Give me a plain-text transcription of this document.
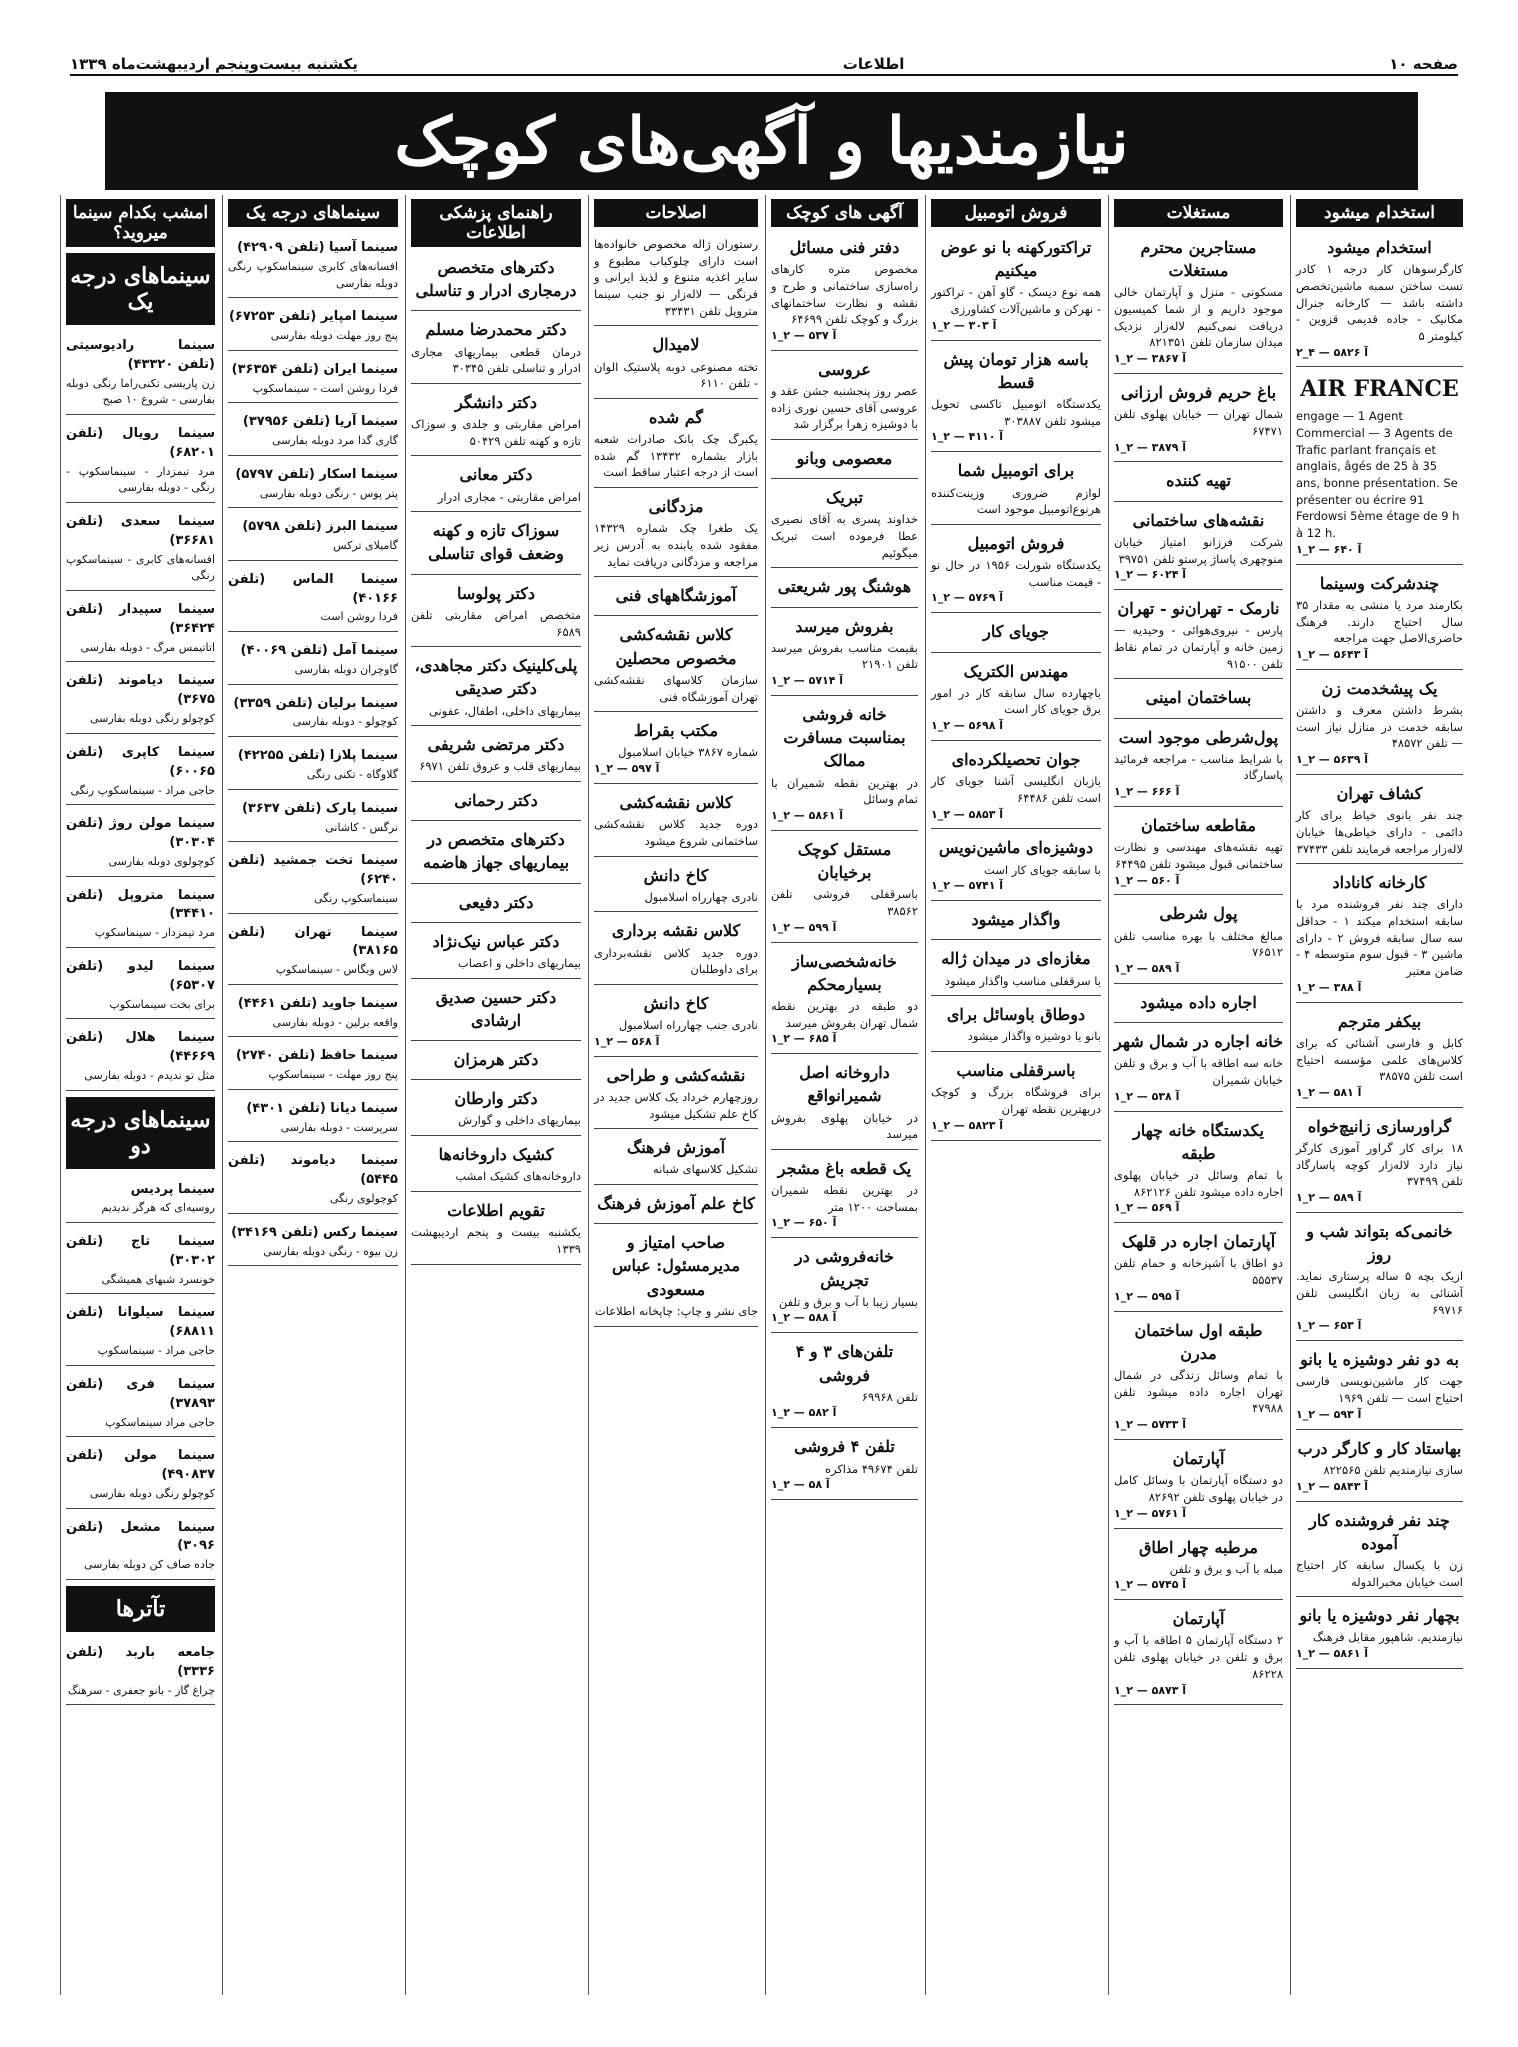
صفحه ۱۰
اطلاعات
یکشنبه بیست‌و‌پنجم اردیبهشت‌ماه ۱۳۳۹
نیازمندیها و آگهی‌های کوچک
استخدام میشود
استخدام میشود
کارگرسوهان کار درجه ۱ کادر تست ساختن سمبه ماشین‌تخصص داشته باشد — کارخانه جنرال مکانیک - جاده قدیمی قزوین - کیلومتر ۵
آ ۵۸۲۶ — ۴_۲
AIR FRANCE
engage — 1 Agent Commercial — 3 Agents de Trafic parlant français et anglais, âgés de 25 à 35 ans, bonne présentation. Se présenter ou écrire 91 Ferdowsi 5ème étage de 9 h à 12 h.
آ ۶۴۰ — ۲_۱
چندشرکت وسینما
بکارمند مرد یا منشی به مقدار ۳۵ سال احتیاج دارند. فرهنگ حاضری‌الاصل جهت مراجعه
آ ۵۶۴۳ — ۲_۱
یک پیشخدمت زن
بشرط داشتن معرف و داشتن سابقه خدمت در منازل نیاز است — تلفن ۴۸۵۷۲
آ ۵۶۳۹ — ۲_۱
کشاف تهران
چند نفر بانوی خیاط برای کار دائمی - دارای خیاطی‌ها خیابان لاله‌زار مراجعه فرمایند تلفن ۳۷۴۳۳
کارخانه کاناداد
دارای چند نفر فروشنده مرد با سابقه استخدام میکند ۱ - حداقل سه سال سابقه فروش ۲ - دارای ماشین ۳ - قبول سوم متوسطه ۴ - ضامن معتبر
آ ۳۸۸ — ۲_۱
بیکفر مترجم
کابل و فارسی آشنائی که برای کلاس‌های علمی مؤسسه احتیاج است تلفن ۳۸۵۷۵
آ ۵۸۱ — ۲_۱
گراورسازی زانیچ‌خواه
۱۸ برای کار گراور آموزی کارگر نیاز دارد لاله‌زار کوچه پاسارگاد تلفن ۳۷۴۹۹
آ ۵۸۹ — ۲_۱
خانمی‌که بتواند شب و روز
ازیک بچه ۵ ساله پرستاری نماید. آشنائی به زبان انگلیسی تلفن ۶۹۷۱۶
آ ۶۵۳ — ۲_۱
به دو نفر دوشیزه یا بانو
جهت کار ماشین‌نویسی فارسی احتیاج است — تلفن ۱۹۶۹
آ ۵۹۳ — ۲_۱
بهاستاد کار و کارگر درب
سازی نیازمندیم تلفن ۸۲۲۵۶۵
آ ۵۸۴۳ — ۲_۱
چند نفر فروشنده کار آموده
زن با یکسال سابقه کار احتیاج است خیابان مخبرالدوله
بچهار نفر دوشیزه یا بانو
نیازمندیم. شاهپور مقابل فرهنگ
آ ۵۸۶۱ — ۲_۱
مستغلات
مستاجرین محترم مستغلات
مسکونی - منزل و آپارتمان خالی موجود داریم و از شما کمیسیون دریافت نمی‌کنیم لاله‌زار نزدیک میدان سازمان تلفن ۸۲۱۳۵۱
آ ۳۸۶۷ — ۲_۱
باغ حریم فروش ارزانی
شمال تهران — خیابان پهلوی تلفن ۶۷۴۷۱
آ ۳۸۷۹ — ۲_۱
تهیه کننده
نقشه‌های ساختمانی
شرکت فرزانو امتیاز خیابان منوچهری پاساژ پرستو تلفن ۳۹۷۵۱
آ ۶۰۲۴ — ۲_۱
نارمک - تهران‌نو - تهران
پارس - نیروی‌هوائی - وحیدیه — زمین خانه و آپارتمان در تمام نقاط تلفن ۹۱۵۰۰
بساختمان امینی
پول‌شرطی موجود است
با شرایط مناسب - مراجعه فرمائید پاسارگاد
آ ۶۶۶ — ۲_۱
مقاطعه ساختمان
تهیه نقشه‌های مهندسی و نظارت ساختمانی قبول میشود تلفن ۶۴۴۹۵
آ ۵۶۰ — ۲_۱
پول شرطی
مبالغ مختلف با بهره مناسب تلفن ۷۶۵۱۲
آ ۵۸۹ — ۲_۱
اجاره داده میشود
خانه اجاره در شمال شهر
خانه سه اطاقه با آب و برق و تلفن خیابان شمیران
آ ۵۳۸ — ۲_۱
یکدستگاه خانه چهار طبقه
با تمام وسائل در خیابان پهلوی اجاره داده میشود تلفن ۸۶۲۱۲۶
آ ۵۶۹ — ۲_۱
آپارتمان اجاره در قلهک
دو اطاق با آشپزخانه و حمام تلفن ۵۵۵۳۷
آ ۵۹۵ — ۲_۱
طبقه اول ساختمان مدرن
با تمام وسائل زندگی در شمال تهران اجاره داده میشود تلفن ۴۷۹۸۸
آ ۵۷۳۳ — ۲_۱
آپارتمان
دو دستگاه آپارتمان با وسائل کامل در خیابان پهلوی تلفن ۸۲۶۹۲
آ ۵۷۶۱ — ۲_۱
مرطبه چهار اطاق
مبله با آب و برق و تلفن
آ ۵۷۴۵ — ۲_۱
آپارتمان
۲ دستگاه آپارتمان ۵ اطاقه با آب و برق و تلفن در خیابان پهلوی تلفن ۸۶۲۲۸
آ ۵۸۷۳ — ۲_۱
فروش اتومبیل
تراکتورکهنه با نو عوض میکنیم
همه نوع دیسک - گاو آهن - تراکتور - نهرکن و ماشین‌آلات کشاورزی
آ ۳۰۳ — ۲_۱
باسه هزار تومان پیش قسط
یکدستگاه اتومبیل تاکسی تحویل میشود تلفن ۳۰۳۸۸۷
آ ۴۱۱۰ — ۲_۱
برای اتومبیل شما
لوازم ضروری وزینت‌کننده هرنوع‌اتومبیل موجود است
فروش اتومبیل
یکدستگاه شورلت ۱۹۵۶ در حال نو - قیمت مناسب
آ ۵۷۶۹ — ۲_۱
جویای کار
مهندس الکتریک
باچهارده سال سابقه کار در امور برق جویای کار است
آ ۵۶۹۸ — ۲_۱
جوان تحصیلکرده‌ای
بازبان انگلیسی آشنا جویای کار است تلفن ۶۴۴۸۶
آ ۵۸۵۳ — ۲_۱
دوشیزه‌ای ماشین‌نویس
با سابقه جویای کار است
آ ۵۷۴۱ — ۲_۱
واگذار میشود
مغازه‌ای در میدان ژاله
با سرقفلی مناسب واگذار میشود
دوطاق باوسائل برای
بانو یا دوشیزه واگذار میشود
باسرقفلی مناسب
برای فروشگاه بزرگ و کوچک دربهترین نقطه تهران
آ ۵۸۲۳ — ۲_۱
آگهی های کوچک
دفتر فنی مسائل
مخصوص متره کارهای راه‌سازی ساختمانی و طرح و نقشه و نظارت ساختمانهای بزرگ و کوچک تلفن ۶۴۶۹۹
آ ۵۳۷ — ۲_۱
عروسی
عصر روز پنجشنبه جشن عقد و عروسی آقای حسین نوری زاده با دوشیزه زهرا برگزار شد
معصومی وبانو
تبریک
خداوند پسری به آقای نصیری عطا فرموده است تبریک میگوئیم
هوشنگ پور شریعتی
بفروش میرسد
بقیمت مناسب بفروش میرسد تلفن ۲۱۹۰۱
آ ۵۷۱۴ — ۲_۱
خانه فروشی بمناسبت مسافرت ممالک
در بهترین نقطه شمیران با تمام وسائل
آ ۵۸۶۱ — ۲_۱
مستقل کوچک برخیابان
باسرقفلی فروشی تلفن ۳۸۵۶۲
آ ۵۹۹ — ۲_۱
خانه‌شخصی‌ساز بسیارمحکم
دو طبقه در بهترین نقطه شمال تهران بفروش میرسد
آ ۶۸۵ — ۲_۱
داروخانه اصل شمیرانواقع
در خیابان پهلوی بفروش میرسد
یک قطعه باغ مشجر
در بهترین نقطه شمیران بمساحت ۱۲۰۰ متر
آ ۶۵۰ — ۲_۱
خانه‌فروشی در تجریش
بسیار زیبا با آب و برق و تلفن
آ ۵۸۸ — ۲_۱
تلفن‌های ۳ و ۴ فروشی
تلفن ۶۹۹۶۸
آ ۵۸۲ — ۲_۱
تلفن ۴ فروشی
تلفن ۴۹۶۷۴ مذاکره
آ ۵۸ — ۲_۱
اصلاحات
رستوران ژاله مخصوص خانواده‌ها است دارای چلوکباب مطبوع و سایر اغذیه متنوع و لذیذ ایرانی و فرنگی — لاله‌زار نو جنب سینما متروپل تلفن ۳۳۴۳۱
لامیدال
تخته مصنوعی دوبه پلاستیک الوان - تلفن ۶۱۱۰
گم شده
یکبرگ چک بانک صادرات شعبه بازار بشماره ۱۳۴۳۲ گم شده است از درجه اعتبار ساقط است
مزدگانی
یک طغرا چک شماره ۱۴۳۲۹ مفقود شده یابنده به آدرس زیر مراجعه و مزدگانی دریافت نماید
آموزشگاههای فنی
کلاس نقشه‌کشی مخصوص محصلین
سازمان کلاسهای نقشه‌کشی تهران آموزشگاه فنی
مکتب بقراط
شماره ۳۸۶۷ خیابان اسلامبول
آ ۵۹۷ — ۲_۱
کلاس نقشه‌کشی
دوره جدید کلاس نقشه‌کشی ساختمانی شروع میشود
کاخ دانش
نادری چهارراه اسلامبول
کلاس نقشه برداری
دوره جدید کلاس نقشه‌برداری برای داوطلبان
کاخ دانش
نادری جنب چهارراه اسلامبول
آ ۵۶۸ — ۲_۱
نقشه‌کشی و طراحی
روزچهارم خرداد یک کلاس جدید در کاخ علم تشکیل میشود
آموزش فرهنگ
تشکیل کلاسهای شبانه
کاخ علم آموزش فرهنگ
صاحب امتیاز و مدیرمسئول: عباس مسعودی
جای نشر و چاپ: چاپخانه اطلاعات
راهنمای پزشکی اطلاعات
دکترهای متخصص درمجاری ادرار و تناسلی
دکتر محمدرضا مسلم
درمان قطعی بیماریهای مجاری ادرار و تناسلی تلفن ۳۰۳۴۵
دکتر دانشگر
امراض مقاربتی و جلدی و سوزاک تازه و کهنه تلفن ۵۰۴۲۹
دکتر معانی
امراض مقاربتی - مجاری ادرار
سوزاک تازه و کهنه وضعف قوای تناسلی
دکتر پولوسا
متخصص امراض مقاربتی تلفن ۶۵۸۹
پلی‌کلینیک دکتر مجاهدی، دکتر صدیقی
بیماریهای داخلی، اطفال، عفونی
دکتر مرتضی شریفی
بیماریهای قلب و عروق تلفن ۶۹۷۱
دکتر رحمانی
دکترهای متخصص در بیماریهای جهاز هاضمه
دکتر دفیعی
دکتر عباس نیک‌نژاد
بیماریهای داخلی و اعصاب
دکتر حسین صدیق ارشادی
دکتر هرمزان
دکتر وارطان
بیماریهای داخلی و گوارش
کشیک داروخانه‌ها
داروخانه‌های کشیک امشب
تقویم اطلاعات
یکشنبه بیست و پنجم اردیبهشت ۱۳۳۹
سینماهای درجه یک
سینما آسیا (تلفن ۴۲۹۰۹)
افسانه‌های کابری سینماسکوپ رنگی دوبله بفارسی
سینما امپایر (تلفن ۶۷۲۵۳)
پنج روز مهلت دوبله بفارسی
سینما ایران (تلفن ۳۶۳۵۴)
فردا روشن است - سینماسکوپ
سینما آریا (تلفن ۳۷۹۵۶)
گاری گدا مرد دوبله بفارسی
سینما اسکار (تلفن ۵۷۹۷)
پتر پوس - رنگی دوبله بفارسی
سینما البرز (تلفن ۵۷۹۸)
گامیلای ترکس
سینما الماس (تلفن ۴۰۱۶۶)
فردا روشن است
سینما آمل (تلفن ۴۰۰۶۹)
گاوچران دوبله بفارسی
سینما برلیان (تلفن ۳۳۵۹)
کوچولو - دوبله بفارسی
سینما پلازا (تلفن ۴۲۲۵۵)
گلاوگاه - تکنی رنگی
سینما پارک (تلفن ۳۶۳۷)
نرگس - کاشانی
سینما تخت جمشید (تلفن ۶۲۴۰)
سینماسکوپ رنگی
سینما تهران (تلفن ۳۸۱۶۵)
لاس ویگاس - سینماسکوپ
سینما جاوید (تلفن ۴۴۶۱)
واقعه برلین - دوبله بفارسی
سینما حافظ (تلفن ۲۷۴۰)
پنج روز مهلت - سینماسکوپ
سینما دیانا (تلفن ۴۳۰۱)
سرپرست - دوبله بفارسی
سینما دیاموند (تلفن ۵۴۴۵)
کوچولوی رنگی
سینما رکس (تلفن ۳۴۱۶۹)
زن بیوه - رنگی دوبله بفارسی
امشب بکدام سینما میروید؟
سینماهای درجه یک
سینما رادیوسیتی (تلفن ۴۳۳۲۰)
زن پاریسی تکنی‌راما رنگی دوبله بفارسی - شروع ۱۰ صبح
سینما رویال (تلفن ۶۸۲۰۱)
مرد تیمزدار - سینماسکوپ - رنگی - دوبله بفارسی
سینما سعدی (تلفن ۳۶۶۸۱)
افسانه‌های کابری - سینماسکوپ رنگی
سینما سپیدار (تلفن ۳۶۴۲۴)
اتاتیمس مرگ - دوبله بفارسی
سینما دیاموند (تلفن ۳۶۷۵)
کوچولو رنگی دوبله بفارسی
سینما کاپری (تلفن ۶۰۰۶۵)
حاجی مراد - سینماسکوپ رنگی
سینما مولن روژ (تلفن ۳۰۳۰۴)
کوچولوی دوبله بفارسی
سینما متروپل (تلفن ۳۴۴۱۰)
مرد تیمزدار - سینماسکوپ
سینما لیدو (تلفن ۶۵۳۰۷)
برای بخت سینماسکوپ
سینما هلال (تلفن ۴۴۶۶۹)
مثل تو ندیدم - دوبله بفارسی
سینماهای درجه دو
سینما پردیس
روسیه‌ای که هرگز ندیدیم
سینما تاج (تلفن ۳۰۳۰۲)
خونسرد شبهای همیشگی
سینما سیلوانا (تلفن ۶۸۸۱۱)
حاجی مراد - سینماسکوپ
سینما فری (تلفن ۳۷۸۹۳)
حاجی مراد سینماسکوپ
سینما مولن (تلفن ۴۹۰۸۳۷)
کوچولو رنگی دوبله بفارسی
سینما مشعل (تلفن ۳۰۹۶)
جاده صاف کن دوبله بفارسی
تآترها
جامعه باربد (تلفن ۳۳۳۶)
چراغ گاز - بانو جعفری - سرهنگ
